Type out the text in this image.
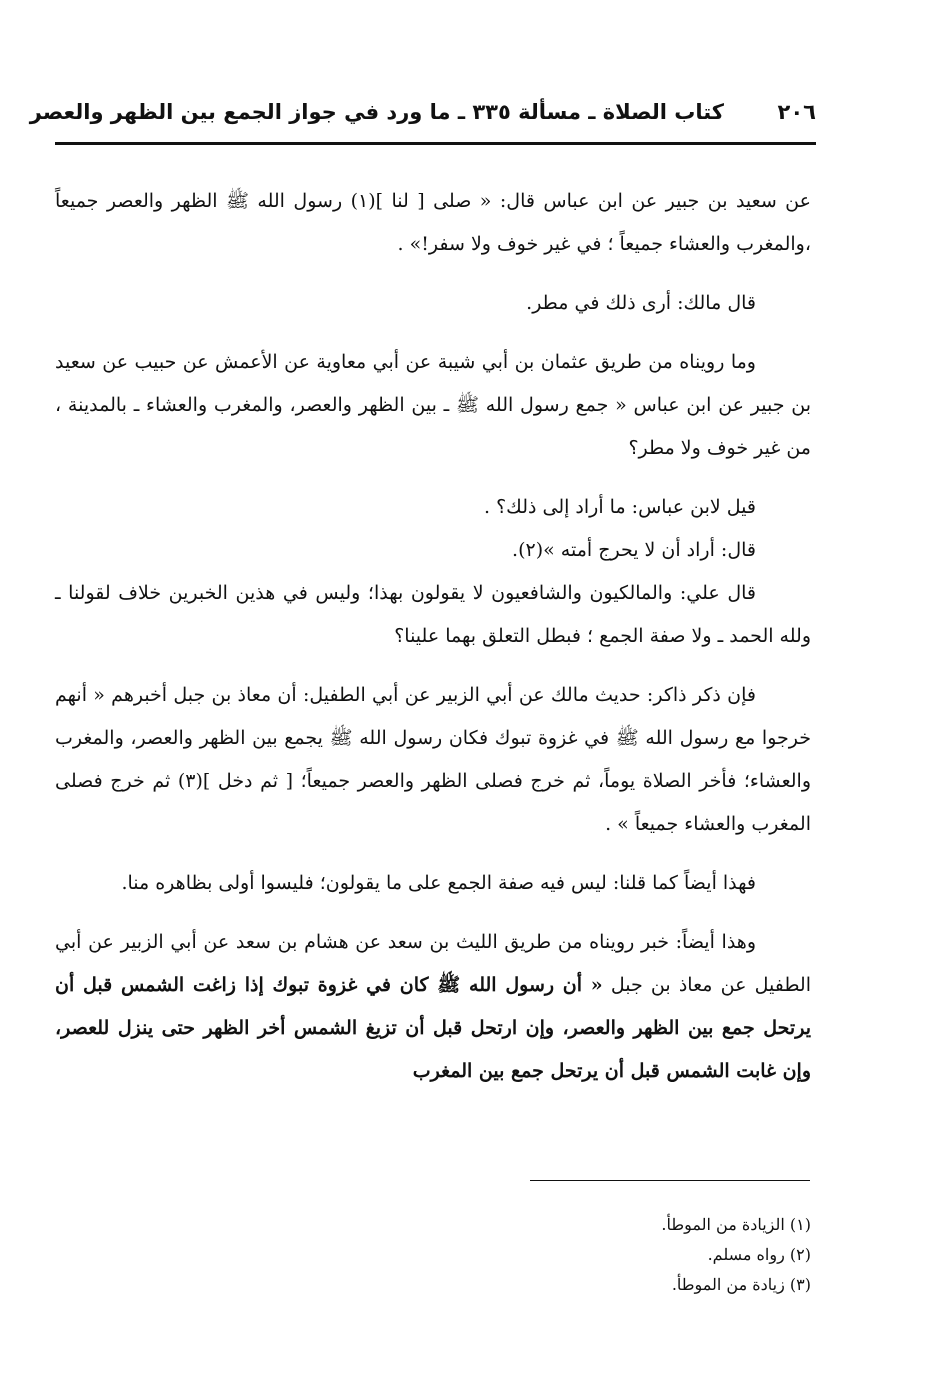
٢٠٦
كتاب الصلاة ـ مسألة ٣٣٥ ـ ما ورد في جواز الجمع بين الظهر والعصر

عن سعيد بن جبير عن ابن عباس قال: « صلى [ لنا ](١) رسول الله ﷺ الظهر والعصر جميعاً ،والمغرب والعشاء جميعاً ؛ في غير خوف ولا سفر!» .

قال مالك: أرى ذلك في مطر.

وما رويناه من طريق عثمان بن أبي شيبة عن أبي معاوية عن الأعمش عن حبيب عن سعيد بن جبير عن ابن عباس « جمع رسول الله ﷺ ـ بين الظهر والعصر، والمغرب والعشاء ـ بالمدينة ، من غير خوف ولا مطر؟

قيل لابن عباس: ما أراد إلى ذلك؟ .

قال: أراد أن لا يحرج أمته »(٢).

قال علي: والمالكيون والشافعيون لا يقولون بهذا؛ وليس في هذين الخبرين خلاف لقولنا ـ ولله الحمد ـ ولا صفة الجمع ؛ فبطل التعلق بهما علينا؟

فإن ذكر ذاكر: حديث مالك عن أبي الزبير عن أبي الطفيل: أن معاذ بن جبل أخبرهم « أنهم خرجوا مع رسول الله ﷺ في غزوة تبوك فكان رسول الله ﷺ يجمع بين الظهر والعصر، والمغرب والعشاء؛ فأخر الصلاة يوماً، ثم خرج فصلى الظهر والعصر جميعاً؛ [ ثم دخل ](٣) ثم خرج فصلى المغرب والعشاء جميعاً » .

فهذا أيضاً كما قلنا: ليس فيه صفة الجمع على ما يقولون؛ فليسوا أولى بظاهره منا.

وهذا أيضاً: خبر رويناه من طريق الليث بن سعد عن هشام بن سعد عن أبي الزبير عن أبي الطفيل عن معاذ بن جبل « أن رسول الله ﷺ كان في غزوة تبوك إذا زاغت الشمس قبل أن يرتحل جمع بين الظهر والعصر، وإن ارتحل قبل أن تزيغ الشمس أخر الظهر حتى ينزل للعصر، وإن غابت الشمس قبل أن يرتحل جمع بين المغرب

(١) الزيادة من الموطأ.

(٢) رواه مسلم.

(٣) زيادة من الموطأ.
